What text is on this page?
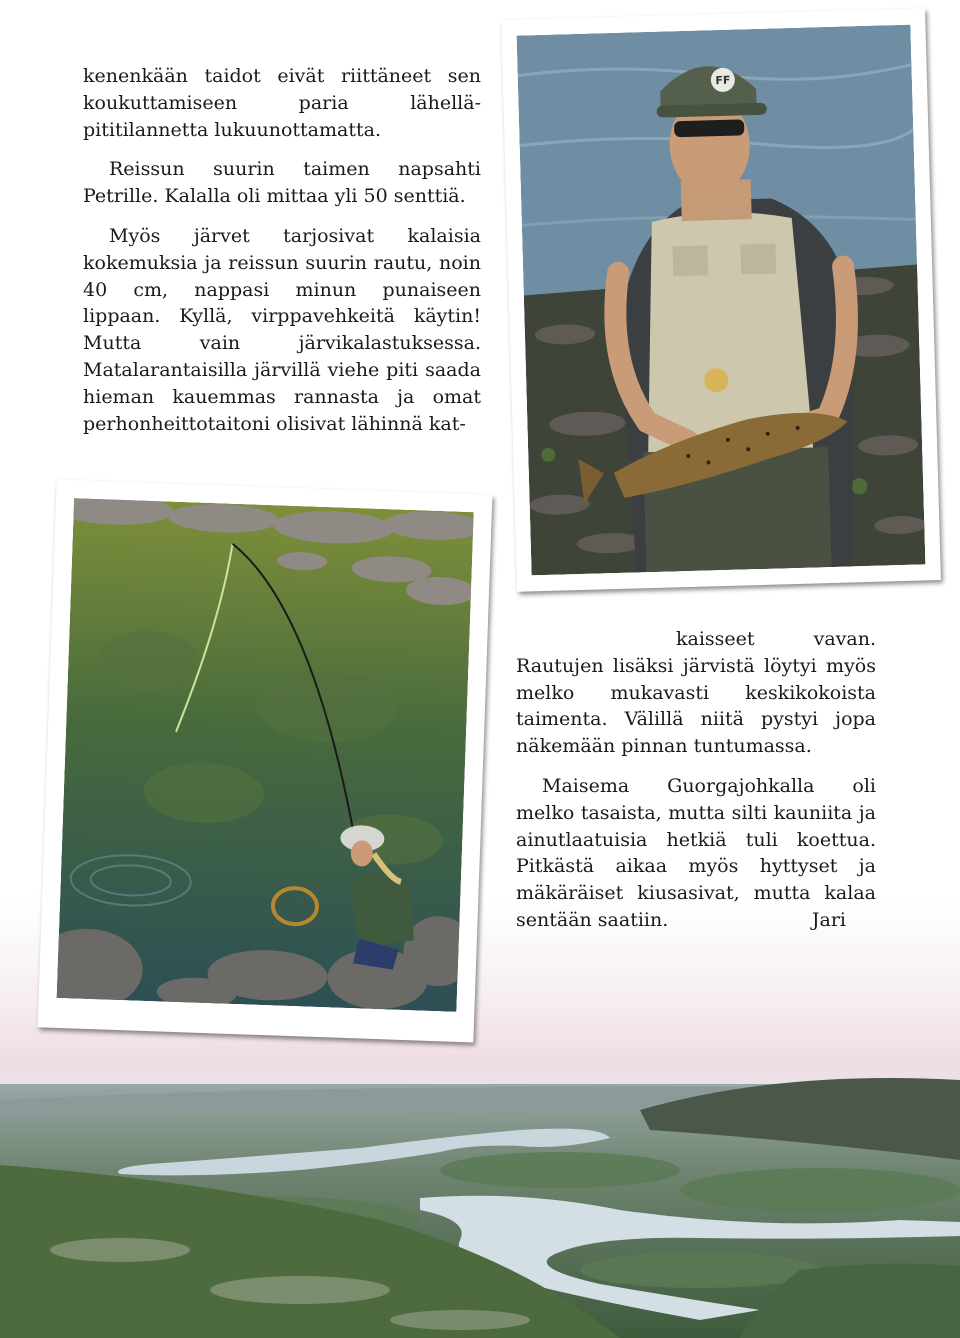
kenenkään taidot eivät riittäneet sen koukuttamiseen paria lähellä-pititilannetta lukuunottamatta.

Reissun suurin taimen napsahti Petrille. Kalalla oli mittaa yli 50 senttiä.

Myös järvet tarjosivat kalaisia kokemuksia ja reissun suurin rautu, noin 40 cm, nappasi minun punaiseen lippaan. Kyllä, virppavehkeitä käytin! Mutta vain järvikalastuksessa. Matalarantaisilla järvillä viehe piti saada hieman kauemmas rannasta ja omat perhonheittotaitoni olisivat lähinnä kat-

FF

kaisseet vavan. Rautujen lisäksi järvistä löytyi myös melko mukavasti keskikokoista taimenta. Välillä niitä pystyi jopa näkemään pinnan tuntumassa.

Maisema Guorgajohkalla oli melko tasaista, mutta silti kauniita ja ainutlaatuisia hetkiä tuli koettua. Pitkästä aikaa myös hyttyset ja mäkäräiset kiusasivat, mutta kalaa sentään saatiin.	Jari
